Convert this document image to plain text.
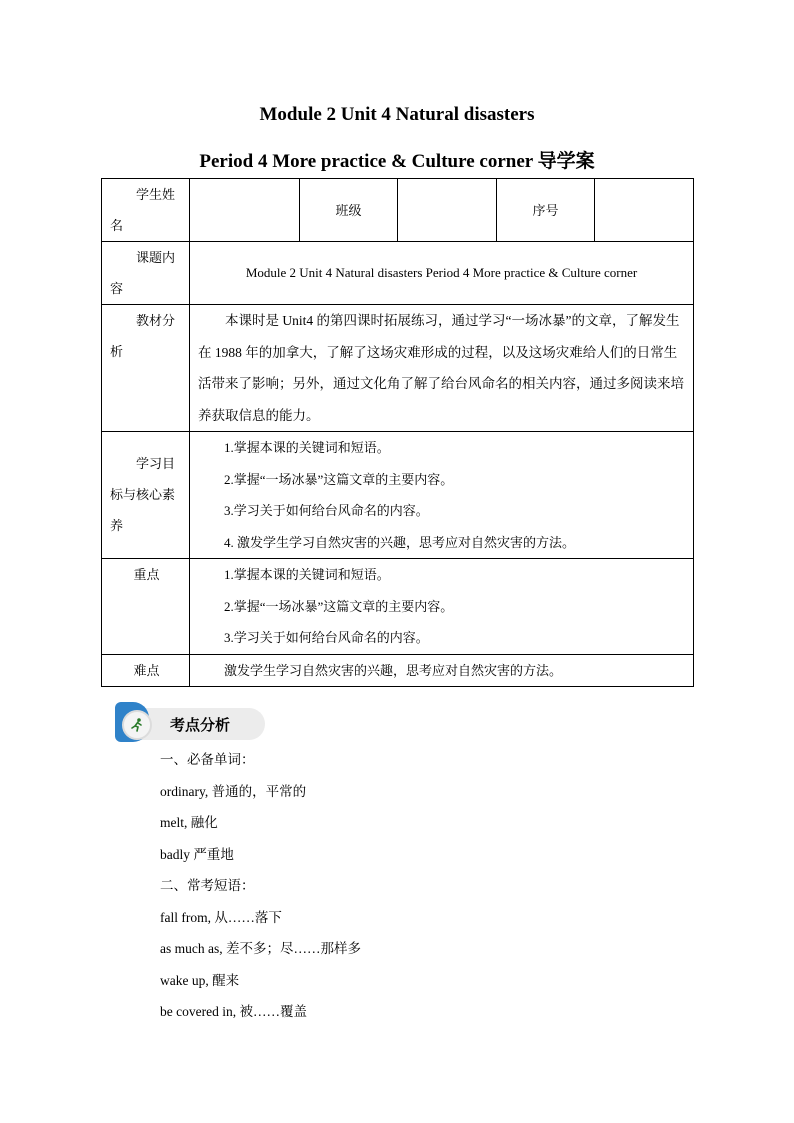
Module 2 Unit 4 Natural disasters
Period 4 More practice & Culture corner 导学案
学生姓名		班级		序号	

课题内容	Module 2 Unit 4 Natural disasters Period 4 More practice & Culture corner				

教材分析	本课时是 Unit4 的第四课时拓展练习，通过学习“一场冰暴”的文章，了解发生在 1988 年的加拿大，了解了这场灾难形成的过程，以及这场灾难给人们的日常生活带来了影响；另外，通过文化角了解了给台风命名的相关内容，通过多阅读来培养获取信息的能力。				

学习目标与核心素养	1.掌握本课的关键词和短语。
2.掌握“一场冰暴”这篇文章的主要内容。
3.学习关于如何给台风命名的内容。
4. 激发学生学习自然灾害的兴趣，思考应对自然灾害的方法。				

重点	1.掌握本课的关键词和短语。
2.掌握“一场冰暴”这篇文章的主要内容。
3.学习关于如何给台风命名的内容。				

难点	激发学生学习自然灾害的兴趣，思考应对自然灾害的方法。				
考点分析
一、必备单词：
ordinary, 普通的，平常的
melt, 融化
badly 严重地
二、常考短语：
fall from, 从……落下
as much as, 差不多；尽……那样多
wake up, 醒来
be covered in, 被……覆盖
